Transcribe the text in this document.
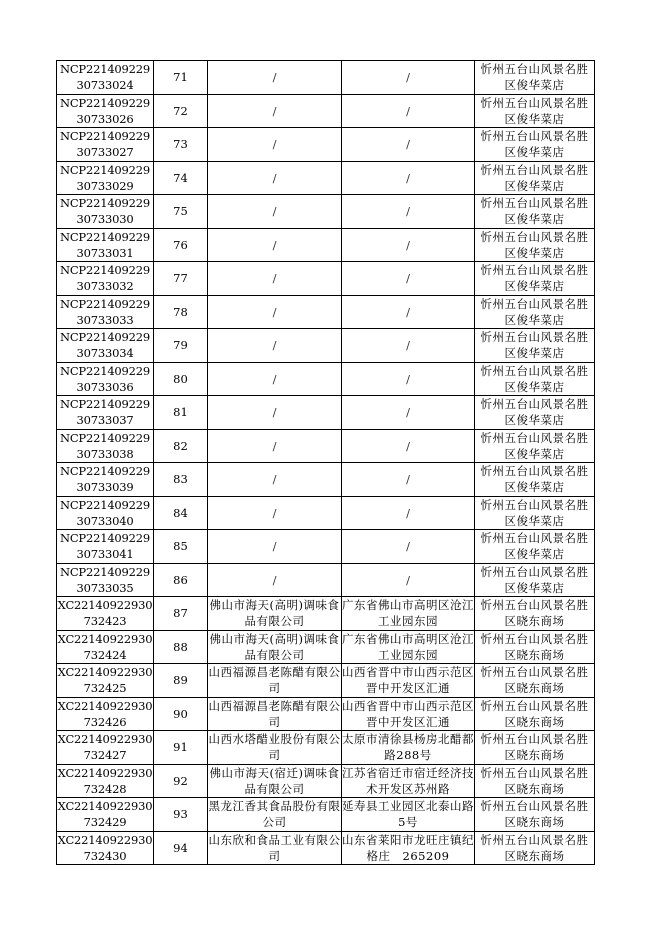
NCP22140922930733024	71	/	/	忻州五台山风景名胜区俊华菜店
NCP22140922930733026	72	/	/	忻州五台山风景名胜区俊华菜店
NCP22140922930733027	73	/	/	忻州五台山风景名胜区俊华菜店
NCP22140922930733029	74	/	/	忻州五台山风景名胜区俊华菜店
NCP22140922930733030	75	/	/	忻州五台山风景名胜区俊华菜店
NCP22140922930733031	76	/	/	忻州五台山风景名胜区俊华菜店
NCP22140922930733032	77	/	/	忻州五台山风景名胜区俊华菜店
NCP22140922930733033	78	/	/	忻州五台山风景名胜区俊华菜店
NCP22140922930733034	79	/	/	忻州五台山风景名胜区俊华菜店
NCP22140922930733036	80	/	/	忻州五台山风景名胜区俊华菜店
NCP22140922930733037	81	/	/	忻州五台山风景名胜区俊华菜店
NCP22140922930733038	82	/	/	忻州五台山风景名胜区俊华菜店
NCP22140922930733039	83	/	/	忻州五台山风景名胜区俊华菜店
NCP22140922930733040	84	/	/	忻州五台山风景名胜区俊华菜店
NCP22140922930733041	85	/	/	忻州五台山风景名胜区俊华菜店
NCP22140922930733035	86	/	/	忻州五台山风景名胜区俊华菜店
XC22140922930732423	87	佛山市海天(高明)调味食品有限公司	广东省佛山市高明区沧江工业园东园	忻州五台山风景名胜区晓东商场
XC22140922930732424	88	佛山市海天(高明)调味食品有限公司	广东省佛山市高明区沧江工业园东园	忻州五台山风景名胜区晓东商场
XC22140922930732425	89	山西福源昌老陈醋有限公司	山西省晋中市山西示范区晋中开发区汇通	忻州五台山风景名胜区晓东商场
XC22140922930732426	90	山西福源昌老陈醋有限公司	山西省晋中市山西示范区晋中开发区汇通	忻州五台山风景名胜区晓东商场
XC22140922930732427	91	山西水塔醋业股份有限公司	太原市清徐县杨房北醋都路288号	忻州五台山风景名胜区晓东商场
XC22140922930732428	92	佛山市海天(宿迁)调味食品有限公司	江苏省宿迁市宿迁经济技术开发区苏州路	忻州五台山风景名胜区晓东商场
XC22140922930732429	93	黑龙江香其食品股份有限公司	延寿县工业园区北泰山路5号	忻州五台山风景名胜区晓东商场
XC22140922930732430	94	山东欣和食品工业有限公司	山东省莱阳市龙旺庄镇纪格庄　265209	忻州五台山风景名胜区晓东商场
